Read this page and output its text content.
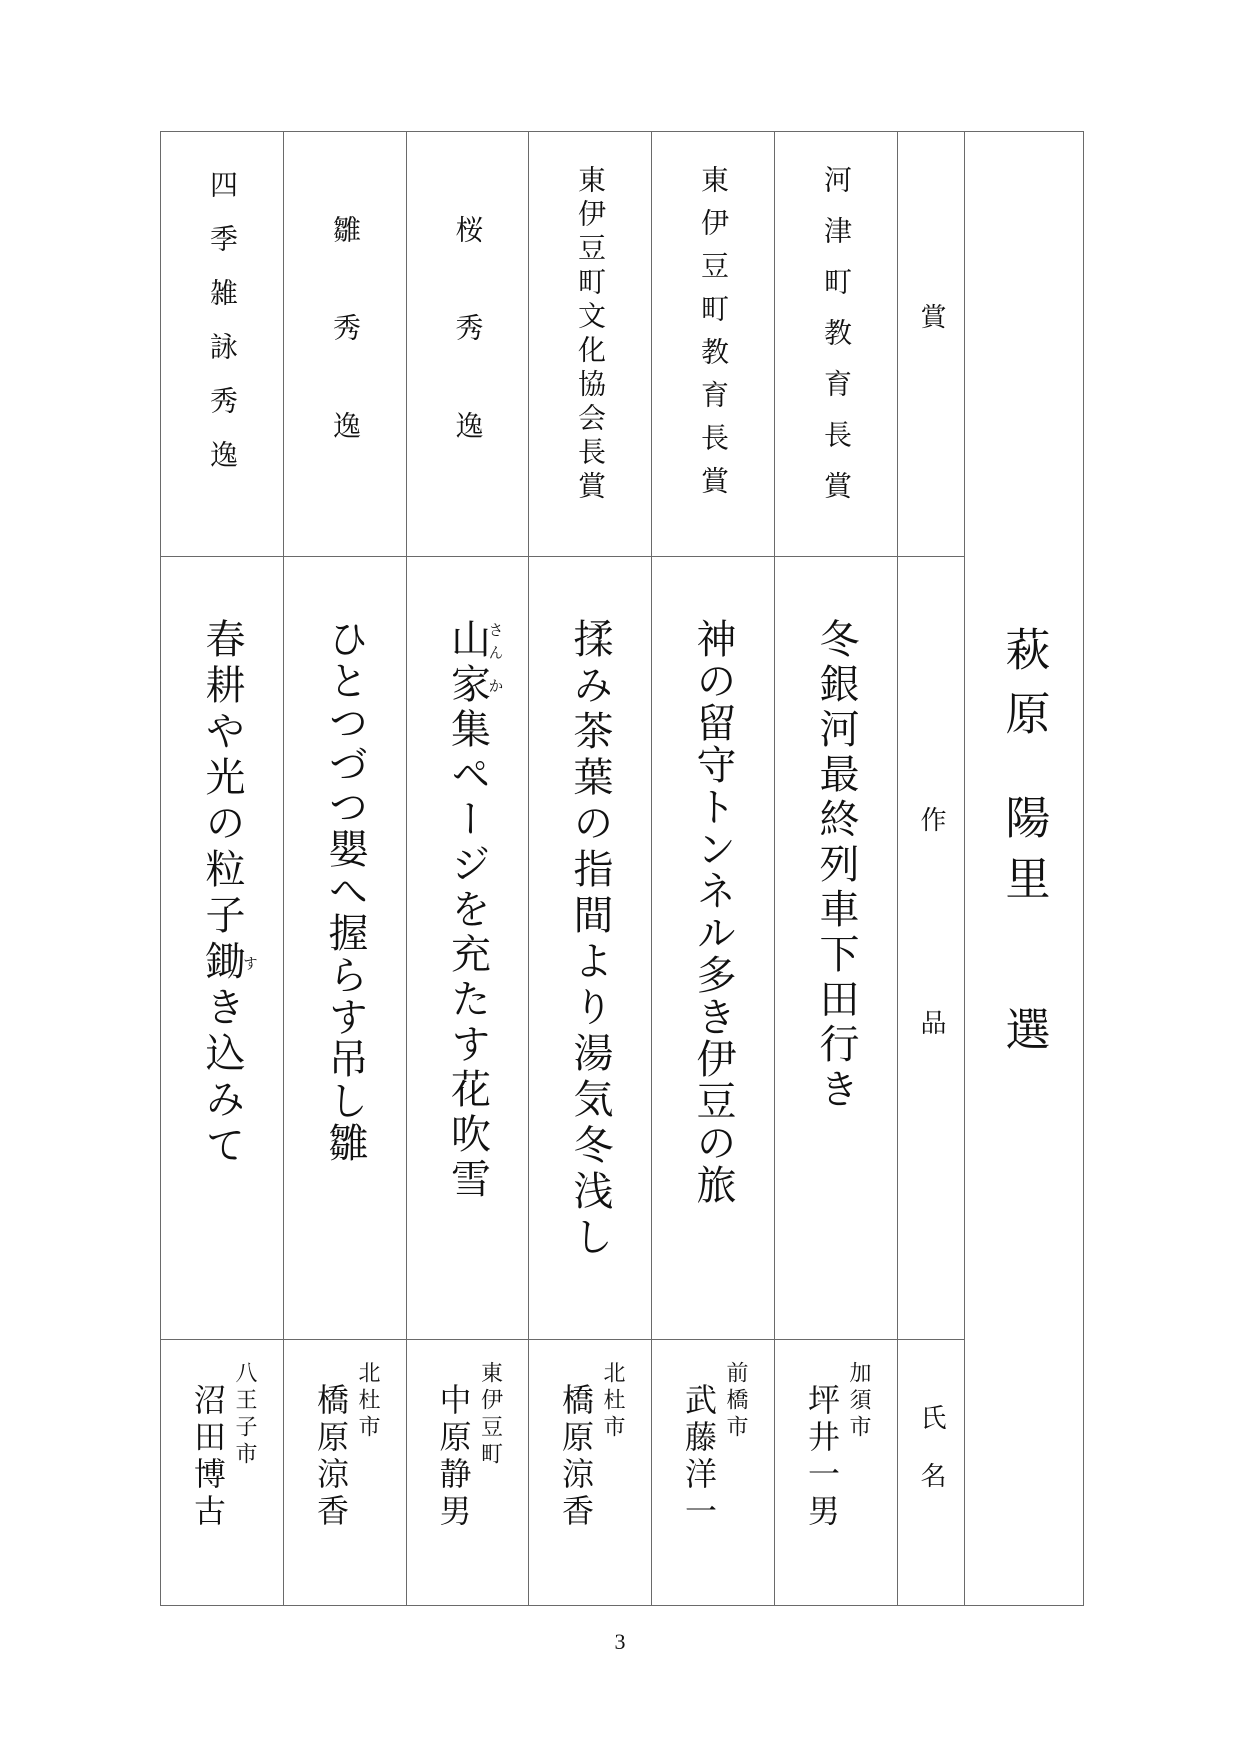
萩原
陽里
選
賞
作品
氏名
河津町教育長賞
冬銀河最終列車下田行き
加須市
坪井一男
東伊豆町教育長賞
神の留守トンネル多き伊豆の旅
前橋市
武藤洋一
東伊豆町文化協会長賞
揉み茶葉の指間より湯気冬浅し
北杜市
橋原涼香
桜秀逸
山さん家か集ページを充たす花吹雪
東伊豆町
中原静男
雛秀逸
ひとつづつ嬰へ握らす吊し雛
北杜市
橋原涼香
四季雑詠秀逸
春耕や光の粒子鋤すき込みて
八王子市
沼田博古
3
